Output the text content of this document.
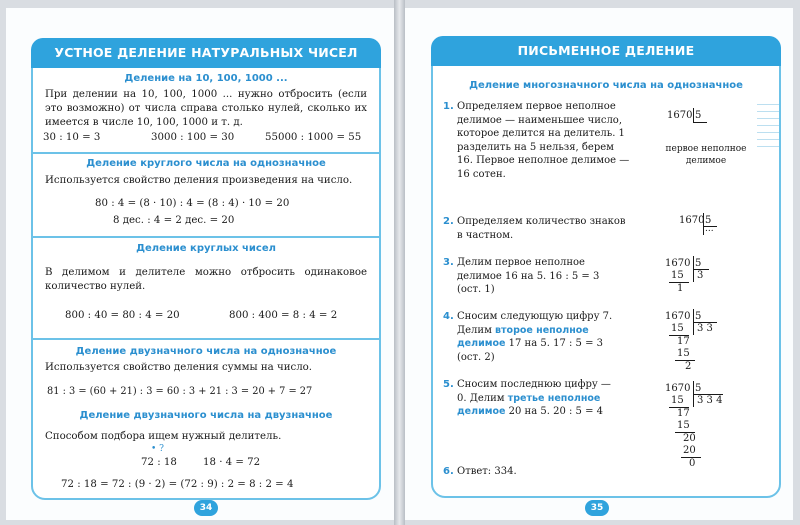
УСТНОЕ ДЕЛЕНИЕ НАТУРАЛЬНЫХ ЧИСЕЛ
Деление на 10, 100, 1000 ...
При делении на 10, 100, 1000 ... нужно отбросить (если это возможно) от числа справа столько нулей, сколько их имеется в числе 10, 100, 1000 и т. д.
30 : 10 = 3	3000 : 100 = 30	55000 : 1000 = 55
Деление круглого числа на однозначное
Используется свойство деления произведения на число.
80 : 4 = (8 · 10) : 4 = (8 : 4) · 10 = 20
8 дес. : 4 = 2 дес. = 20
Деление круглых чисел
В делимом и делителе можно отбросить одинаковое количество нулей.
800 : 40 = 80 : 4 = 20	800 : 400 = 8 : 4 = 2
Деление двузначного числа на однозначное
Используется свойство деления суммы на число.
81 : 3 = (60 + 21) : 3 = 60 : 3 + 21 : 3 = 20 + 7 = 27
Деление двузначного числа на двузначное
Способом подбора ищем нужный делитель.
• ?
72 : 18	18 · 4 = 72
72 : 18 = 72 : (9 · 2) = (72 : 9) : 2 = 8 : 2 = 4
34
ПИСЬМЕННОЕ ДЕЛЕНИЕ
Деление многозначного числа на однозначное
1. Определяем первое неполное делимое — наименьшее число, которое делится на делитель. 1 разделить на 5 нельзя, берем 16. Первое неполное делимое — 16 сотен.
2. Определяем количество знаков в частном.
3. Делим первое неполное делимое 16 на 5. 16 : 5 = 3 (ост. 1)
4. Сносим следующую цифру 7. Делим второе неполное делимое 17 на 5. 17 : 5 = 3 (ост. 2)
5. Сносим последнюю цифру — 0. Делим третье неполное делимое 20 на 5. 20 : 5 = 4
6. Ответ: 334.
1670 5
первое неполное делимое
1670 5
...
1670 5
15 3
1
1670 5
15 3 3
17
15
2
1670 5
15 3 3 4
17
15
20
20
0
35
